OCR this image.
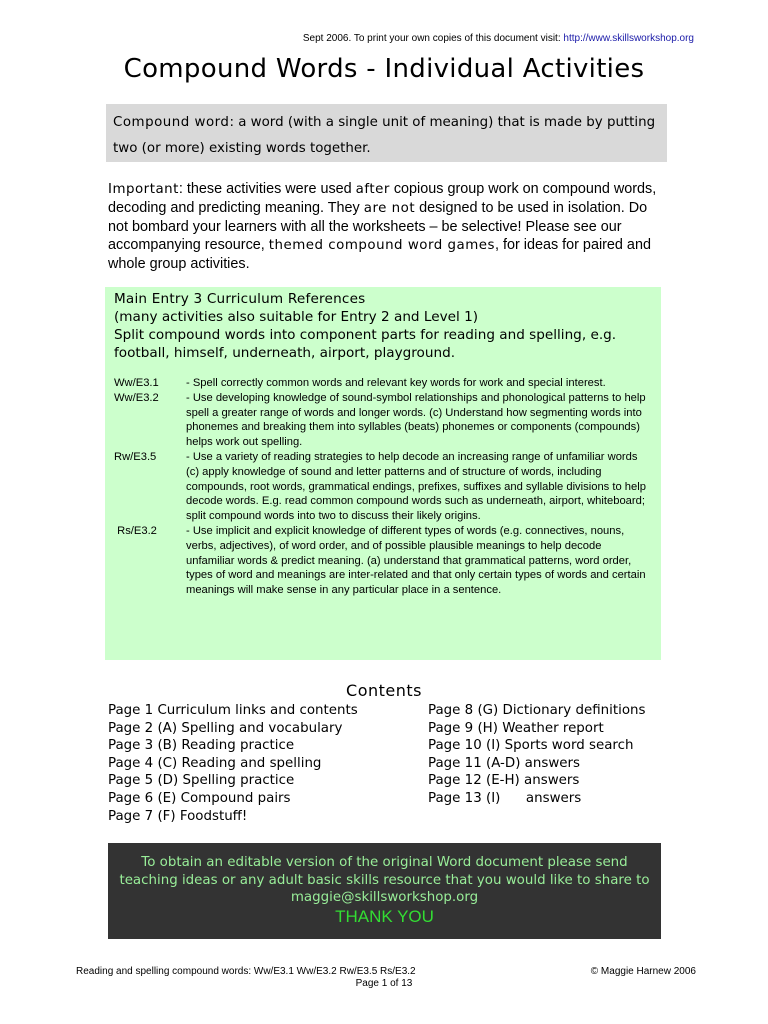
Sept 2006. To print your own copies of this document visit: http://www.skillsworkshop.org
Compound Words - Individual Activities
Compound word: a word (with a single unit of meaning) that is made by putting two (or more) existing words together.
Important: these activities were used after copious group work on compound words, decoding and predicting meaning. They are not designed to be used in isolation. Do not bombard your learners with all the worksheets – be selective! Please see our accompanying resource, themed compound word games, for ideas for paired and whole group activities.
Main Entry 3 Curriculum References
(many activities also suitable for Entry 2 and Level 1)
Split compound words into component parts for reading and spelling, e.g. football, himself, underneath, airport, playground.
Ww/E3.1	- Spell correctly common words and relevant key words for work and special interest.
Ww/E3.2	- Use developing knowledge of sound-symbol relationships and phonological patterns to help spell a greater range of words and longer words. (c) Understand how segmenting words into phonemes and breaking them into syllables (beats) phonemes or components (compounds) helps work out spelling.
Rw/E3.5	- Use a variety of reading strategies to help decode an increasing range of unfamiliar words (c) apply knowledge of sound and letter patterns and of structure of words, including compounds, root words, grammatical endings, prefixes, suffixes and syllable divisions to help decode words. E.g. read common compound words such as underneath, airport, whiteboard; split compound words into two to discuss their likely origins.
Rs/E3.2	- Use implicit and explicit knowledge of different types of words (e.g. connectives, nouns, verbs, adjectives), of word order, and of possible plausible meanings to help decode unfamiliar words & predict meaning. (a) understand that grammatical patterns, word order, types of word and meanings are inter-related and that only certain types of words and certain meanings will make sense in any particular place in a sentence.
Contents
Page 1 Curriculum links and contents
Page 2 (A) Spelling and vocabulary
Page 3 (B) Reading practice
Page 4 (C) Reading and spelling
Page 5 (D) Spelling practice
Page 6 (E) Compound pairs
Page 7 (F) Foodstuff!
Page 8 (G) Dictionary definitions
Page 9 (H) Weather report
Page 10 (I) Sports word search
Page 11 (A-D) answers
Page 12 (E-H) answers
Page 13 (I)      answers
To obtain an editable version of the original Word document please send
teaching ideas or any adult basic skills resource that you would like to share to
maggie@skillsworkshop.org
THANK YOU
Reading and spelling compound words: Ww/E3.1 Ww/E3.2 Rw/E3.5 Rs/E3.2	© Maggie Harnew 2006
Page 1 of 13
